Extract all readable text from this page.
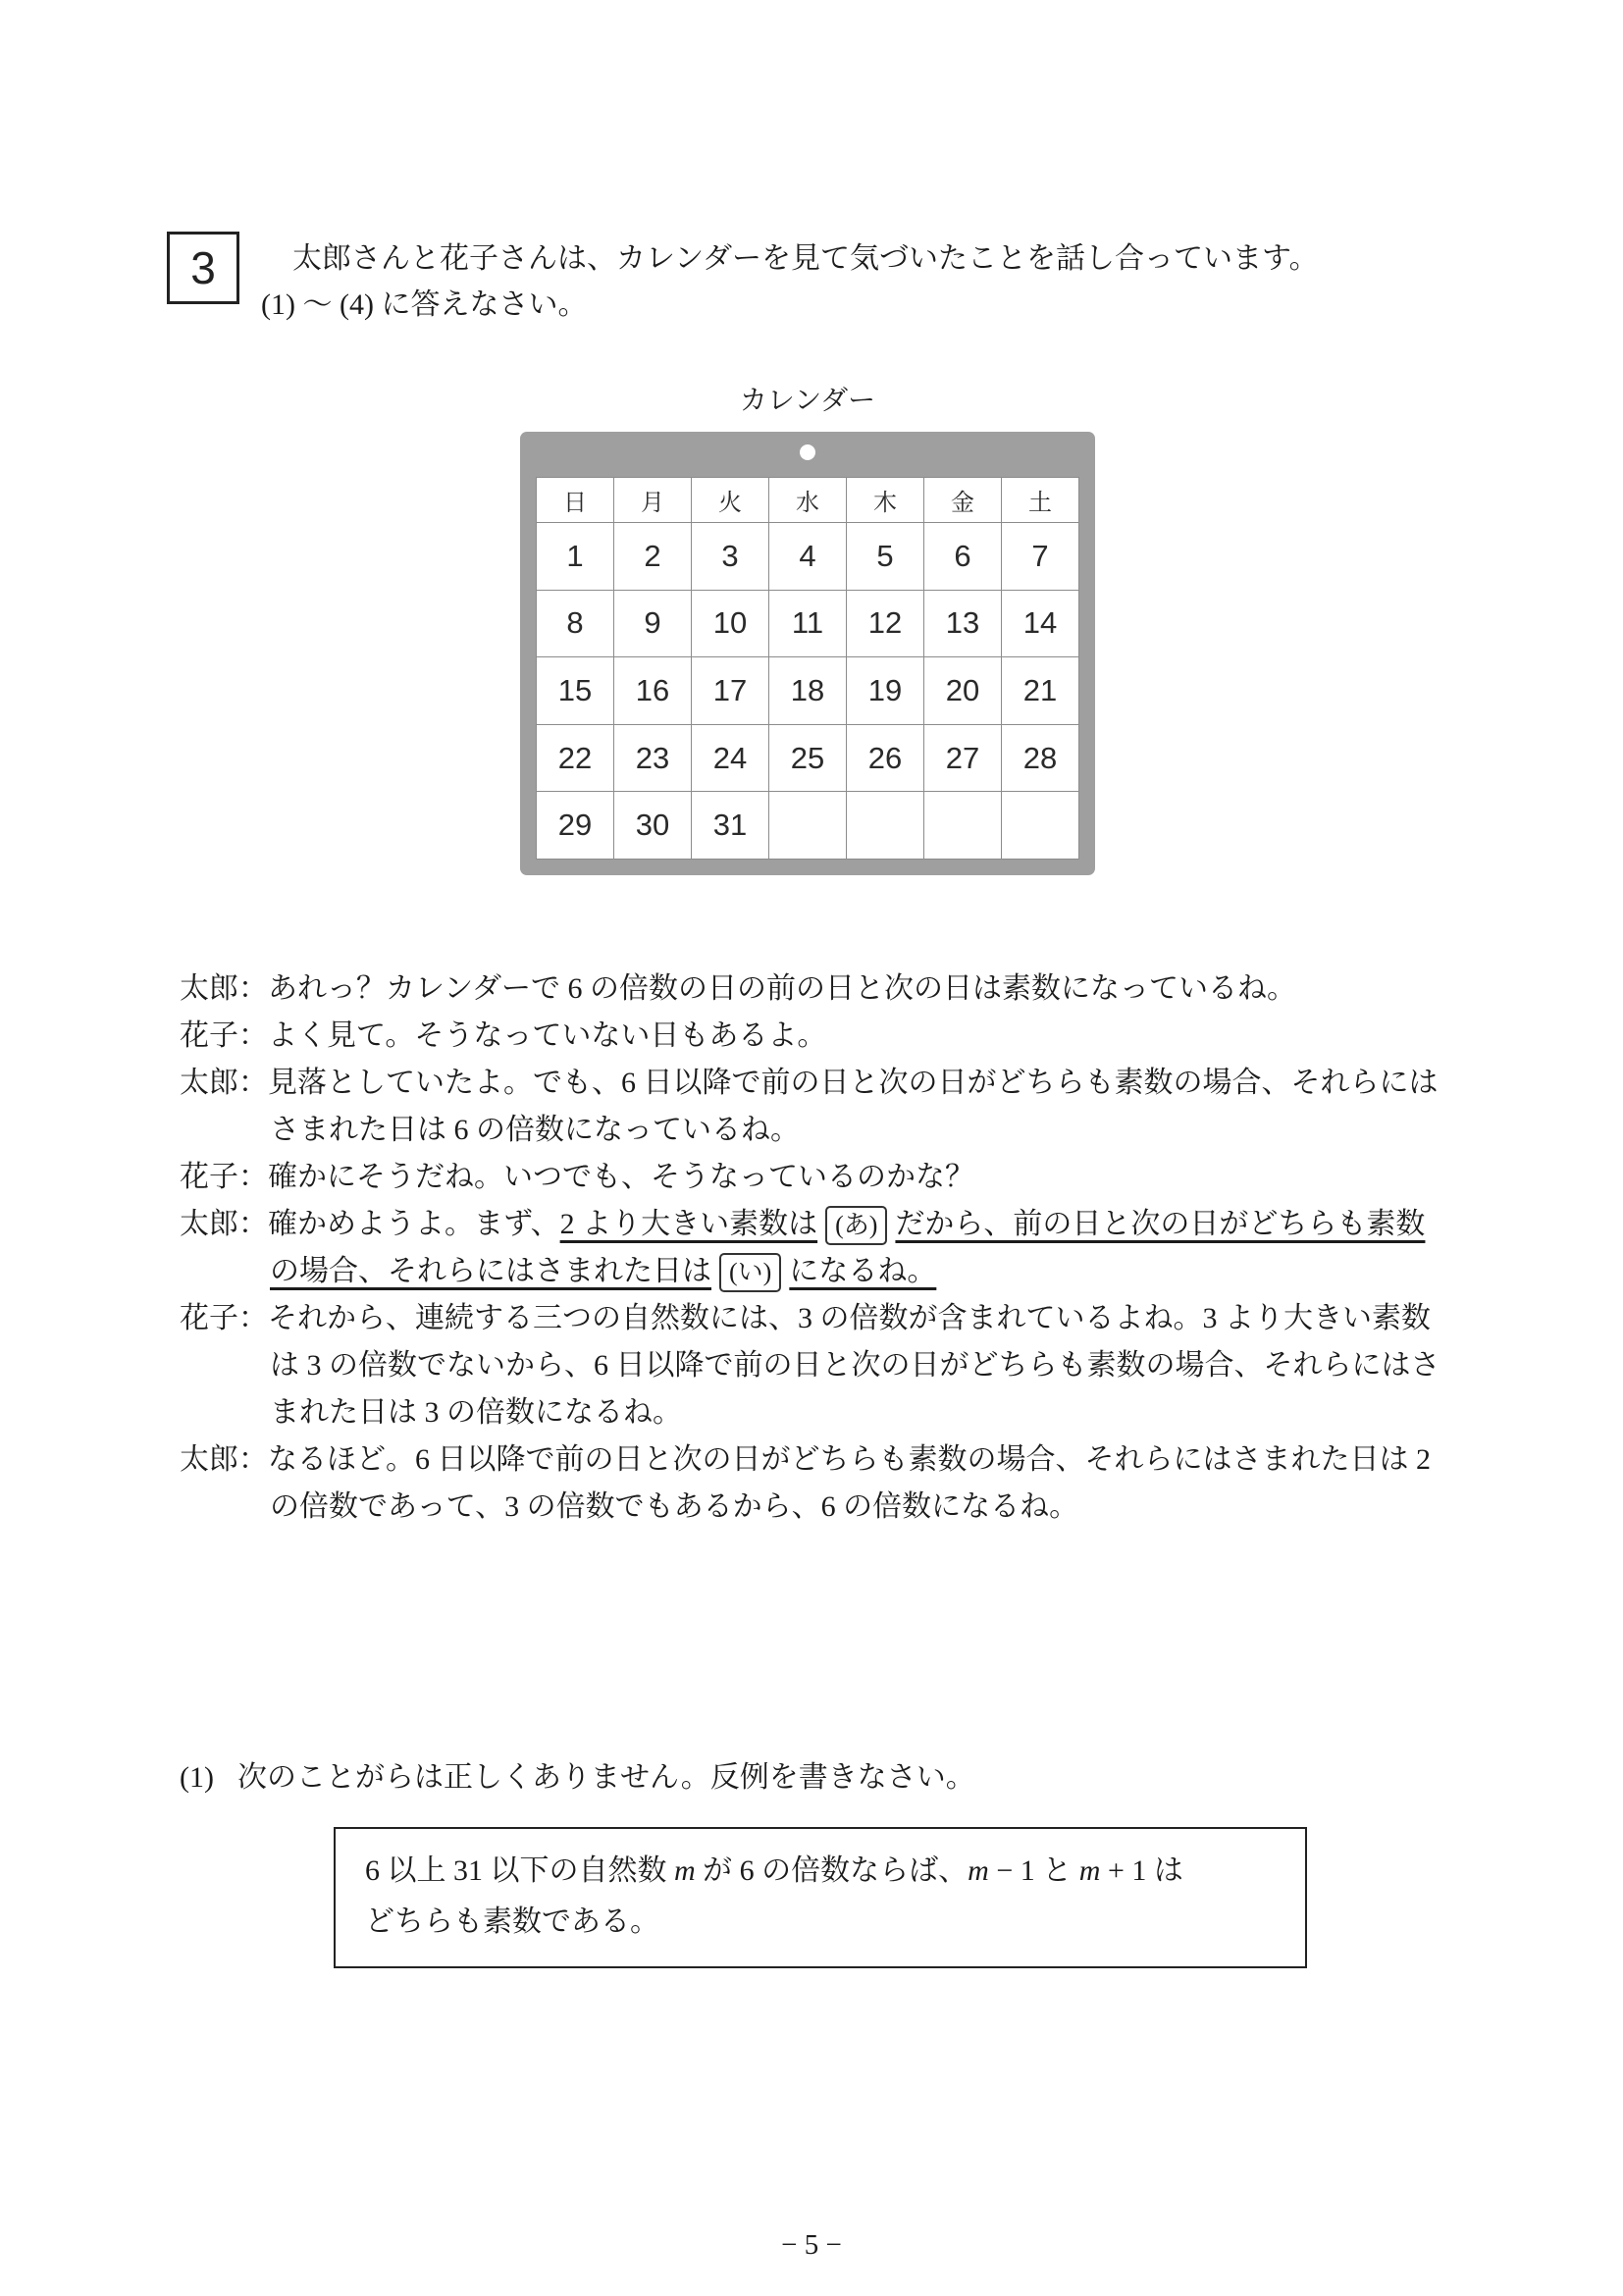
3	太郎さんと花子さんは、カレンダーを見て気づいたことを話し合っています。

(1) ～ (4) に答えなさい。

カレンダー
日	月	火	水	木	金	土
1	2	3	4	5	6	7
8	9	10	11	12	13	14
15	16	17	18	19	20	21
22	23	24	25	26	27	28
29	30	31				

太郎：あれっ？カレンダーで 6 の倍数の日の前の日と次の日は素数になっているね。

花子：よく見て。そうなっていない日もあるよ。

太郎：見落としていたよ。でも、6 日以降で前の日と次の日がどちらも素数の場合、それらにはさまれた日は 6 の倍数になっているね。

花子：確かにそうだね。いつでも、そうなっているのかな？

太郎：確かめようよ。まず、2 より大きい素数は (あ) だから、前の日と次の日がどちらも素数の場合、それらにはさまれた日は (い) になるね。

花子：それから、連続する三つの自然数には、3 の倍数が含まれているよね。3 より大きい素数は 3 の倍数でないから、6 日以降で前の日と次の日がどちらも素数の場合、それらにはさまれた日は 3 の倍数になるね。

太郎：なるほど。6 日以降で前の日と次の日がどちらも素数の場合、それらにはさまれた日は 2 の倍数であって、3 の倍数でもあるから、6 の倍数になるね。

(1) 次のことがらは正しくありません。反例を書きなさい。

6 以上 31 以下の自然数 m が 6 の倍数ならば、m − 1 と m + 1 は

どちらも素数である。

− 5 −
